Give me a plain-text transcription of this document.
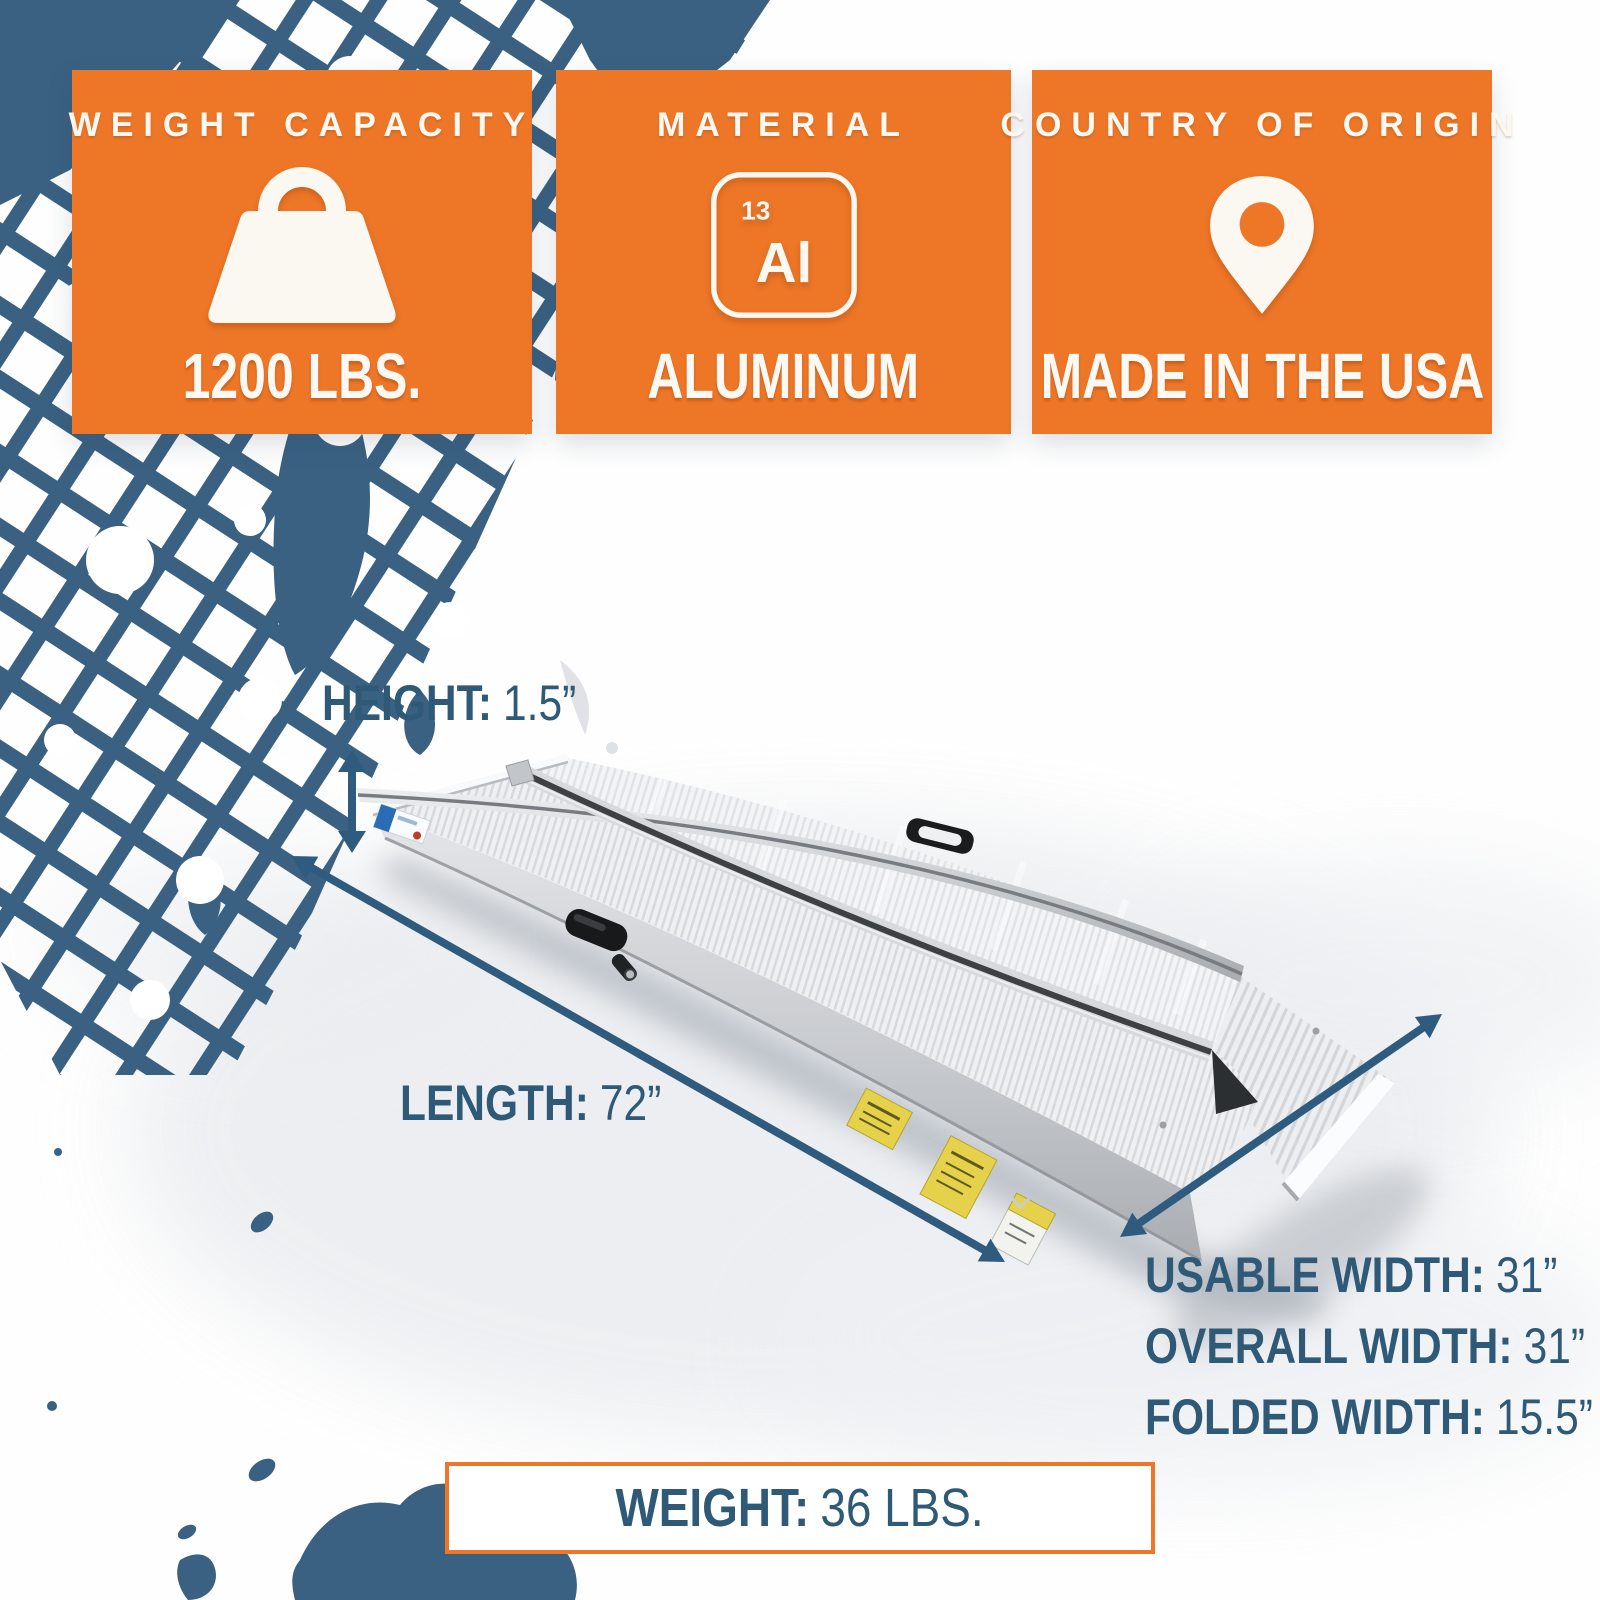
WEIGHT CAPACITY
1200 LBS.
MATERIAL
13
Al
ALUMINUM
COUNTRY OF ORIGIN
MADE IN THE USA
HEIGHT: 1.5”
LENGTH: 72”
USABLE WIDTH: 31”
OVERALL WIDTH: 31”
FOLDED WIDTH: 15.5”
WEIGHT: 36 LBS.
